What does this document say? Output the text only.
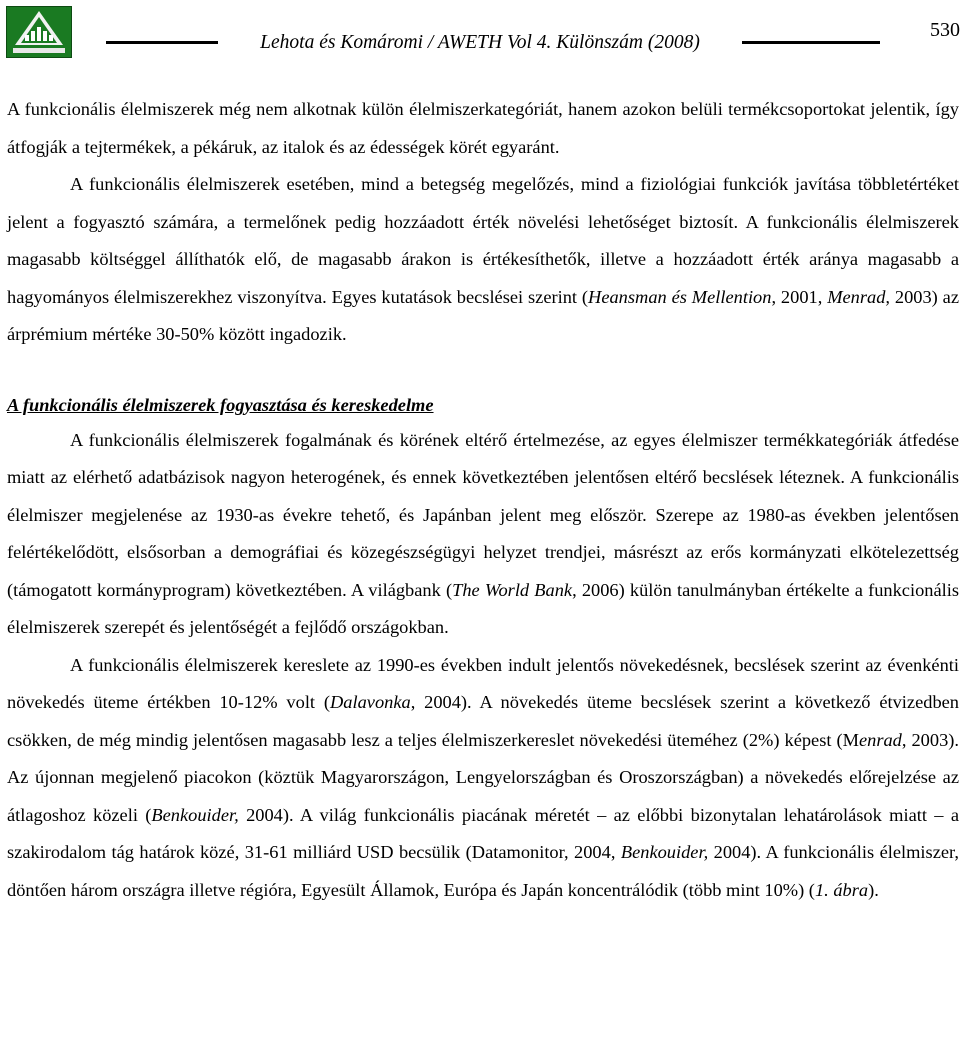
Lehotа és Komáromi / AWETH Vol 4. Különszám (2008)
530

A funkcionális élelmiszerek még nem alkotnak külön élelmiszerkategóriát, hanem azokon belüli termékcsoportokat jelentik, így átfogják a tejtermékek, a pékáruk, az italok és az édességek körét egyaránt.

A funkcionális élelmiszerek esetében, mind a betegség megelőzés, mind a fiziológiai funkciók javítása többletértéket jelent a fogyasztó számára, a termelőnek pedig hozzáadott érték növelési lehetőséget biztosít. A funkcionális élelmiszerek magasabb költséggel állíthatók elő, de magasabb árakon is értékesíthetők, illetve a hozzáadott érték aránya magasabb a hagyományos élelmiszerekhez viszonyítva. Egyes kutatások becslései szerint (Heansman és Mellention, 2001, Menrad, 2003) az árprémium mértéke 30-50% között ingadozik.

A funkcionális élelmiszerek fogyasztása és kereskedelme

A funkcionális élelmiszerek fogalmának és körének eltérő értelmezése, az egyes élelmiszer termékkategóriák átfedése miatt az elérhető adatbázisok nagyon heterogének, és ennek következtében jelentősen eltérő becslések léteznek. A funkcionális élelmiszer megjelenése az 1930-as évekre tehető, és Japánban jelent meg először. Szerepe az 1980-as években jelentősen felértékelődött, elsősorban a demográfiai és közegészségügyi helyzet trendjei, másrészt az erős kormányzati elkötelezettség (támogatott kormányprogram) következtében. A világbank (The World Bank, 2006) külön tanulmányban értékelte a funkcionális élelmiszerek szerepét és jelentőségét a fejlődő országokban.

A funkcionális élelmiszerek kereslete az 1990-es években indult jelentős növekedésnek, becslések szerint az évenkénti növekedés üteme értékben 10-12% volt (Dalavonka, 2004). A növekedés üteme becslések szerint a következő étvizedben csökken, de még mindig jelentősen magasabb lesz a teljes élelmiszerkereslet növekedési üteméhez (2%) képest (Menrad, 2003). Az újonnan megjelenő piacokon (köztük Magyarországon, Lengyelországban és Oroszországban) a növekedés előrejelzése az átlagoshoz közeli (Benkouider, 2004). A világ funkcionális piacának méretét – az előbbi bizonytalan lehatárolások miatt – a szakirodalom tág határok közé, 31-61 milliárd USD becsülik (Datamonitor, 2004, Benkouider, 2004). A funkcionális élelmiszer, döntően három országra illetve régióra, Egyesült Államok, Európa és Japán koncentrálódik (több mint 10%) (1. ábra).
